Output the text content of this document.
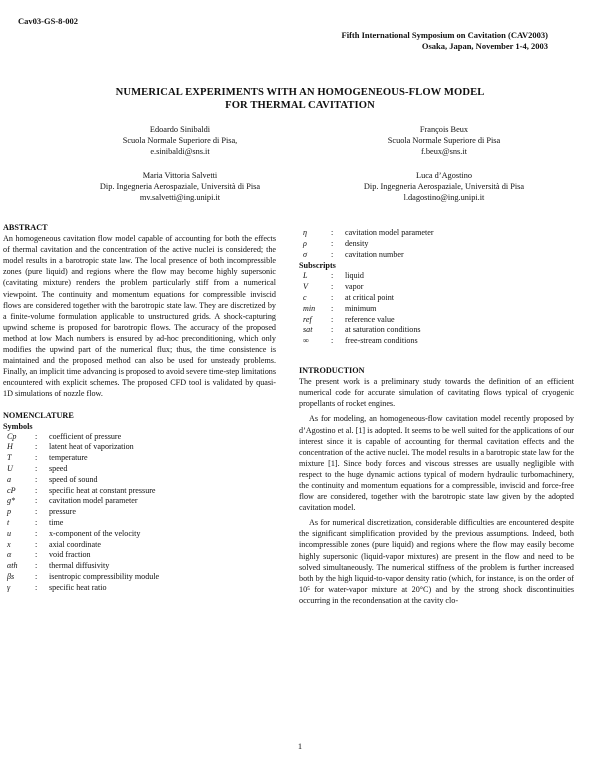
Cav03-GS-8-002
Fifth International Symposium on Cavitation (CAV2003)
Osaka, Japan, November 1-4, 2003
NUMERICAL EXPERIMENTS WITH AN HOMOGENEOUS-FLOW MODEL
FOR THERMAL CAVITATION
Edoardo Sinibaldi
Scuola Normale Superiore di Pisa,
e.sinibaldi@sns.it
François Beux
Scuola Normale Superiore di Pisa
f.beux@sns.it
Maria Vittoria Salvetti
Dip. Ingegneria Aerospaziale, Università di Pisa
mv.salvetti@ing.unipi.it
Luca d’Agostino
Dip. Ingegneria Aerospaziale, Università di Pisa
l.dagostino@ing.unipi.it
ABSTRACT

An homogeneous cavitation flow model capable of accounting for both the effects of thermal cavitation and the concentration of the active nuclei is considered; the model results in a barotropic state law. The local presence of both incompressible zones (pure liquid) and regions where the flow may become highly supersonic (cavitating mixture) renders the problem particularly stiff from a numerical viewpoint. The continuity and momentum equations for compressible inviscid flows are considered together with the barotropic state law. They are discretized by a finite-volume formulation applicable to unstructured grids. A shock-capturing upwind scheme is proposed for barotropic flows. The accuracy of the proposed method at low Mach numbers is ensured by ad-hoc preconditioning, which only modifies the upwind part of the numerical flux; thus, the time consistence is maintained and the proposed method can also be used for unsteady problems. Finally, an implicit time advancing is proposed to avoid severe time-step limitations encountered with explicit schemes. The proposed CFD tool is validated by quasi-1D simulations of nozzle flow.

NOMENCLATURE
Symbols
Cp	:	coefficient of pressure
H	:	latent heat of vaporization
T	:	temperature
U	:	speed
a	:	speed of sound
cP	:	specific heat at constant pressure
g*	:	cavitation model parameter
p	:	pressure
t	:	time
u	:	x-component of the velocity
x	:	axial coordinate
α	:	void fraction
αth	:	thermal diffusivity
βs	:	isentropic compressibility module
γ	:	specific heat ratio
η	:	cavitation model parameter
ρ	:	density
σ	:	cavitation number
Subscripts
L	:	liquid
V	:	vapor
c	:	at critical point
min	:	minimum
ref	:	reference value
sat	:	at saturation conditions
∞	:	free-stream conditions
INTRODUCTION

The present work is a preliminary study towards the definition of an efficient numerical code for accurate simulation of cavitating flows typical of cryogenic propellants of rocket engines.

As for modeling, an homogeneous-flow cavitation model recently proposed by d’Agostino et al. [1] is adopted. It seems to be well suited for the applications of our interest since it is capable of accounting for thermal cavitation effects and the concentration of the active nuclei. The model results in a barotropic state law for the mixture [1]. Since body forces and viscous stresses are usually negligible with respect to the huge dynamic actions typical of modern hydraulic turbomachinery, the continuity and momentum equations for a compressible, inviscid and force-free flow are considered, together with the barotropic state law given by the adopted cavitation model.

As for numerical discretization, considerable difficulties are encountered despite the significant simplification provided by the previous assumptions. Indeed, both incompressible zones (pure liquid) and regions where the flow may easily become highly supersonic (liquid-vapor mixtures) are present in the flow and need to be solved simultaneously. The numerical stiffness of the problem is further increased both by the high liquid-to-vapor density ratio (which, for instance, is on the order of 10⁵ for water-vapor mixture at 20°C) and by the strong shock discontinuities occurring in the recondensation at the cavity clo-

1
